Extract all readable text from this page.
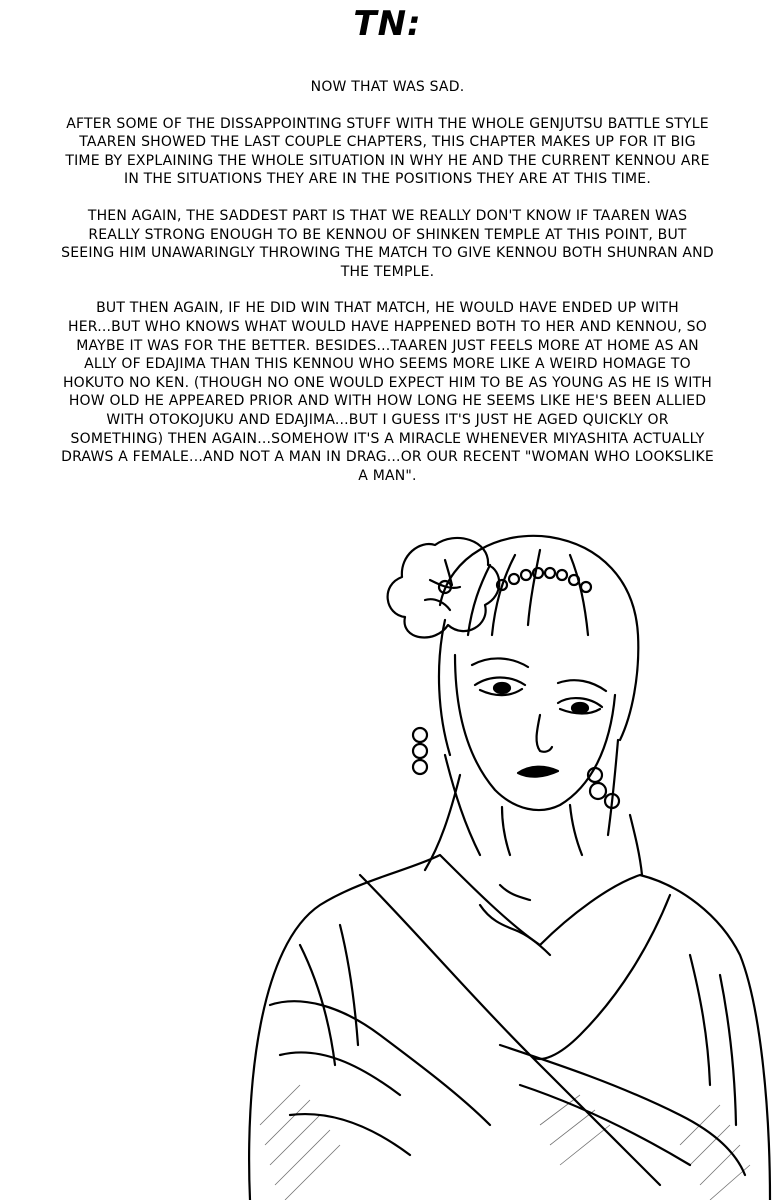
TN:

NOW THAT WAS SAD.

AFTER SOME OF THE DISSAPPOINTING STUFF WITH THE WHOLE GENJUTSU BATTLE STYLE TAAREN SHOWED THE LAST COUPLE CHAPTERS, THIS CHAPTER MAKES UP FOR IT BIG TIME BY EXPLAINING THE WHOLE SITUATION IN WHY HE AND THE CURRENT KENNOU ARE IN THE SITUATIONS THEY ARE IN THE POSITIONS THEY ARE AT THIS TIME.

THEN AGAIN, THE SADDEST PART IS THAT WE REALLY DON'T KNOW IF TAAREN WAS REALLY STRONG ENOUGH TO BE KENNOU OF SHINKEN TEMPLE AT THIS POINT, BUT SEEING HIM UNAWARINGLY THROWING THE MATCH TO GIVE KENNOU BOTH SHUNRAN AND THE TEMPLE.

BUT THEN AGAIN, IF HE DID WIN THAT MATCH, HE WOULD HAVE ENDED UP WITH HER...BUT WHO KNOWS WHAT WOULD HAVE HAPPENED BOTH TO HER AND KENNOU, SO MAYBE IT WAS FOR THE BETTER. BESIDES...TAAREN JUST FEELS MORE AT HOME AS AN ALLY OF EDAJIMA THAN THIS KENNOU WHO SEEMS MORE LIKE A WEIRD HOMAGE TO HOKUTO NO KEN. (THOUGH NO ONE WOULD EXPECT HIM TO BE AS YOUNG AS HE IS WITH HOW OLD HE APPEARED PRIOR AND WITH HOW LONG HE SEEMS LIKE HE'S BEEN ALLIED WITH OTOKOJUKU AND EDAJIMA...BUT I GUESS IT'S JUST HE AGED QUICKLY OR SOMETHING) THEN AGAIN...SOMEHOW IT'S A MIRACLE WHENEVER MIYASHITA ACTUALLY DRAWS A FEMALE...AND NOT A MAN IN DRAG...OR OUR RECENT "WOMAN WHO LOOKSLIKE A MAN".
